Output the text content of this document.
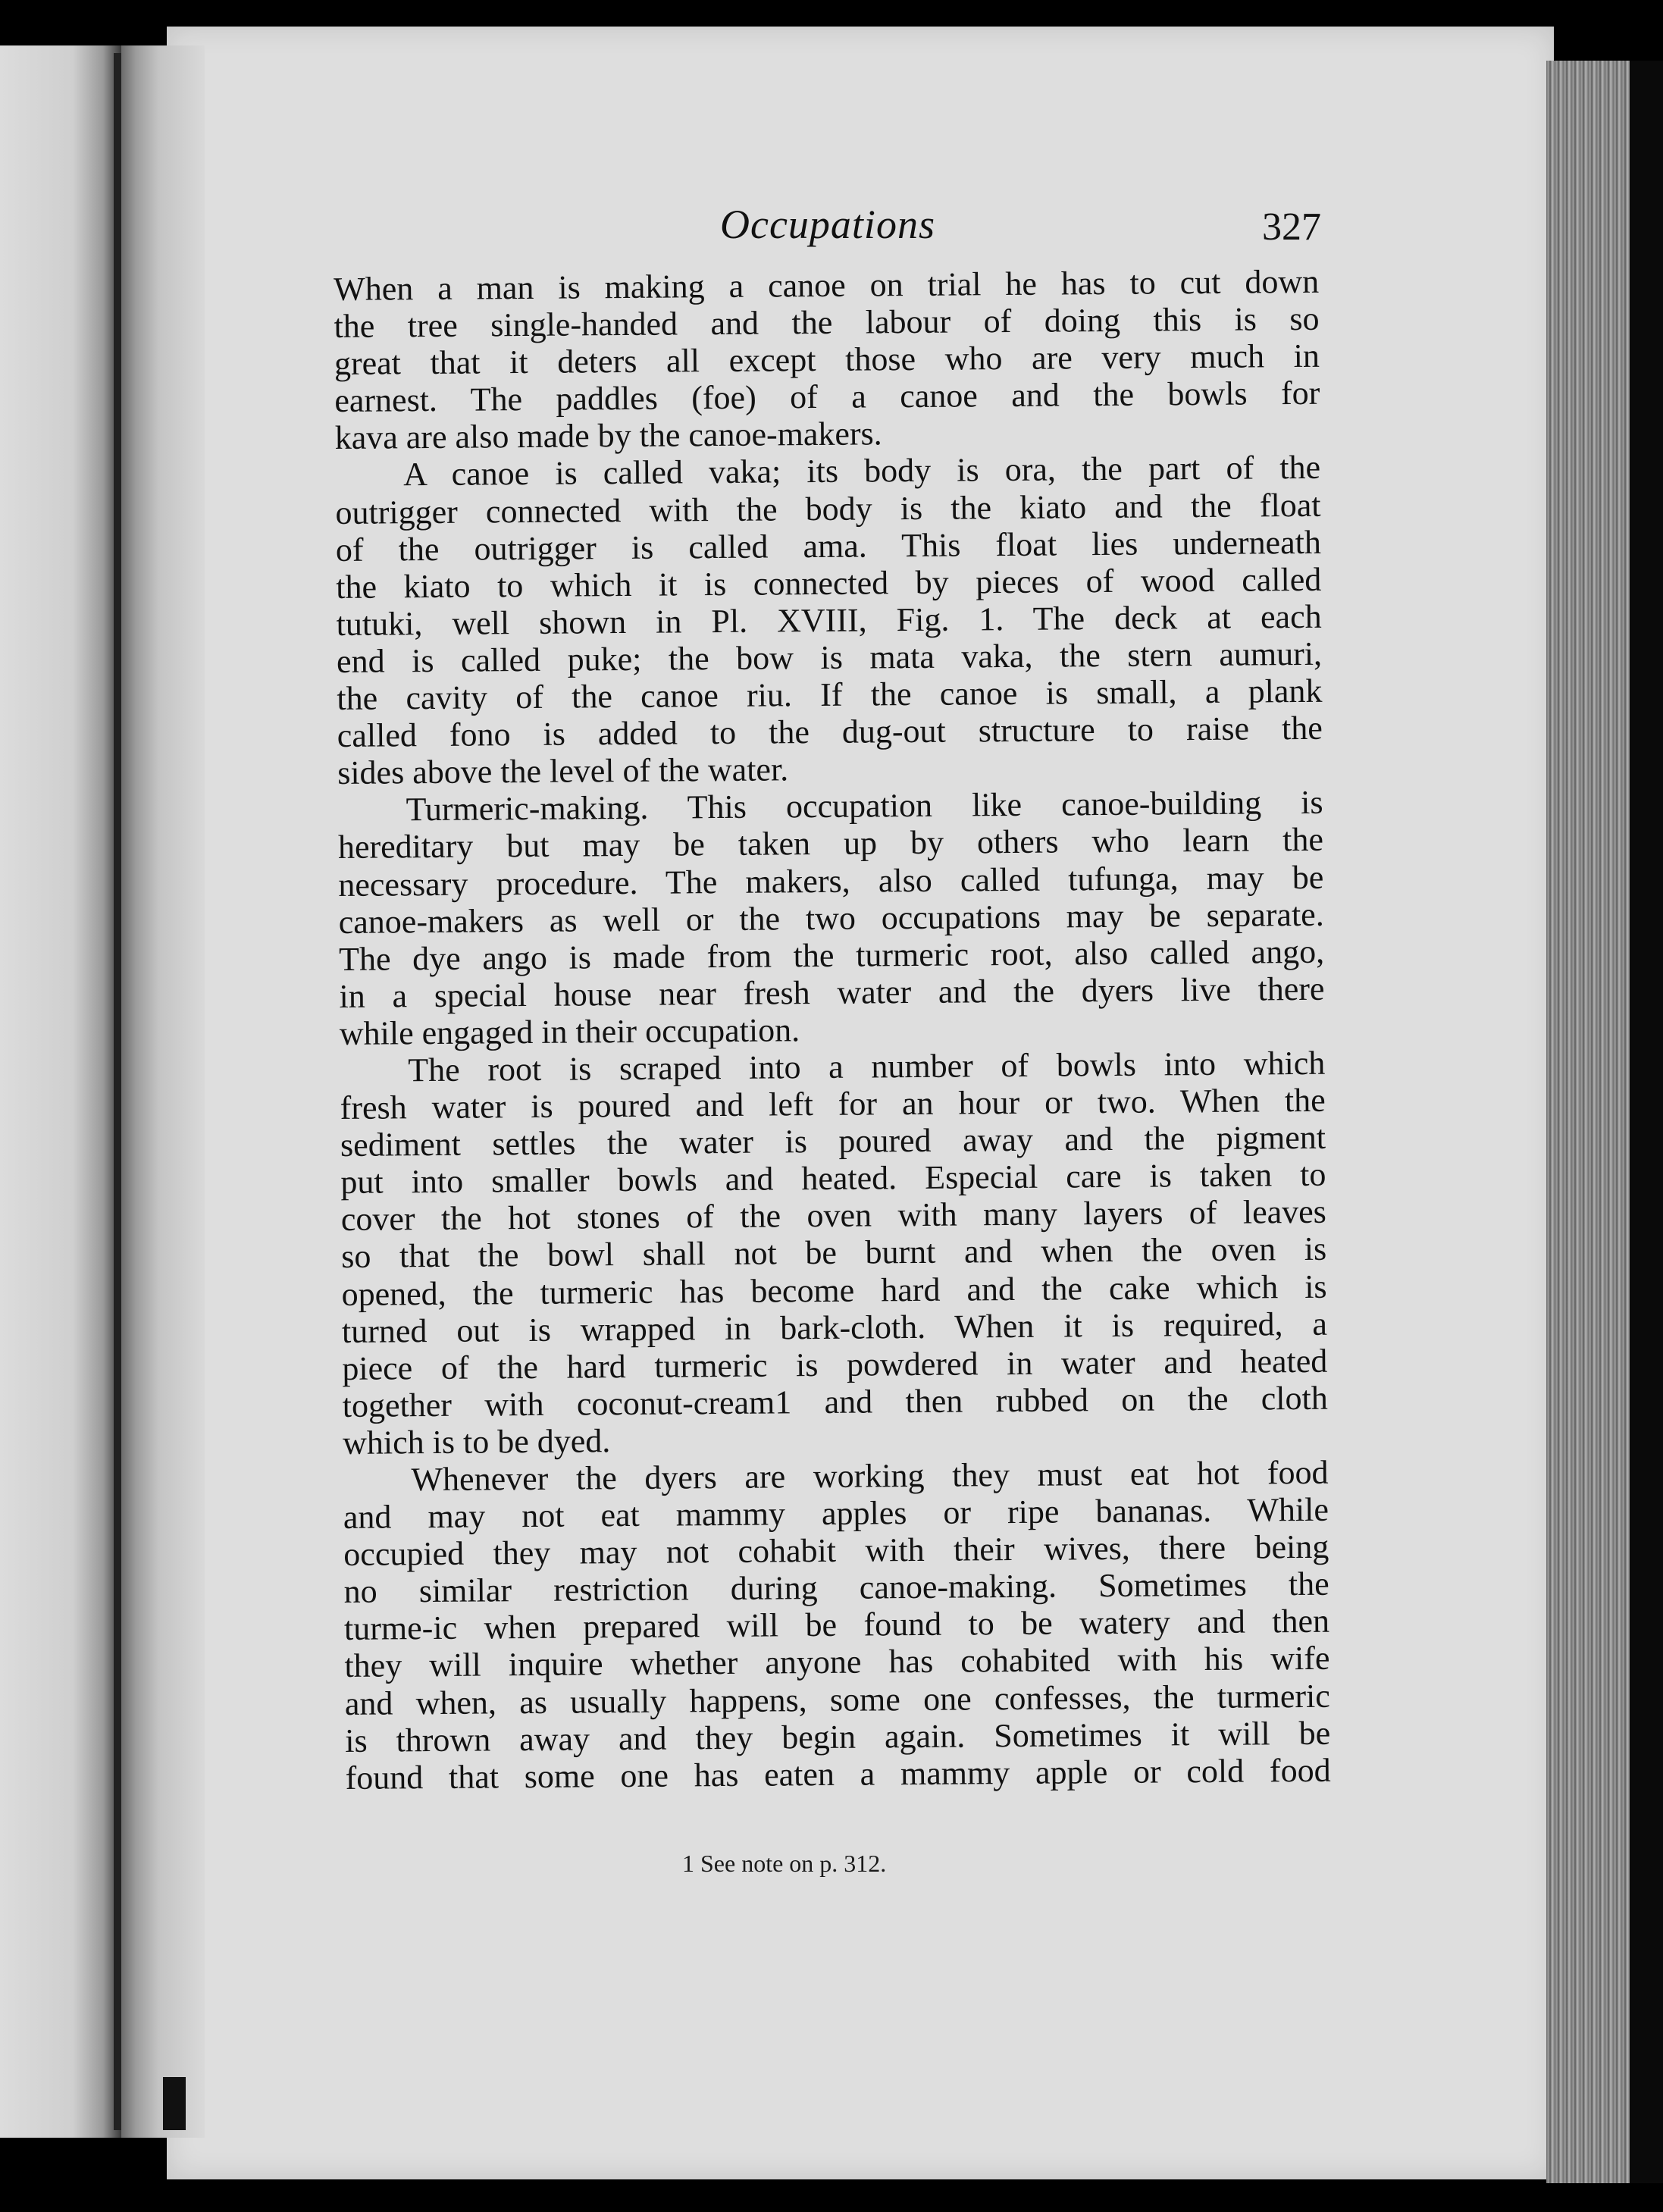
Occupations	327
When a man is making a canoe on trial he has to cut down
the tree single-handed and the labour of doing this is so
great that it deters all except those who are very much in
earnest. The paddles (foe) of a canoe and the bowls for
kava are also made by the canoe-makers.
A canoe is called vaka; its body is ora, the part of the
outrigger connected with the body is the kiato and the float
of the outrigger is called ama. This float lies underneath
the kiato to which it is connected by pieces of wood called
tutuki, well shown in Pl. XVIII, Fig. 1. The deck at each
end is called puke; the bow is mata vaka, the stern aumuri,
the cavity of the canoe riu. If the canoe is small, a plank
called fono is added to the dug-out structure to raise the
sides above the level of the water.
Turmeric-making. This occupation like canoe-building is
hereditary but may be taken up by others who learn the
necessary procedure. The makers, also called tufunga, may be
canoe-makers as well or the two occupations may be separate.
The dye ango is made from the turmeric root, also called ango,
in a special house near fresh water and the dyers live there
while engaged in their occupation.
The root is scraped into a number of bowls into which
fresh water is poured and left for an hour or two. When the
sediment settles the water is poured away and the pigment
put into smaller bowls and heated. Especial care is taken to
cover the hot stones of the oven with many layers of leaves
so that the bowl shall not be burnt and when the oven is
opened, the turmeric has become hard and the cake which is
turned out is wrapped in bark-cloth. When it is required, a
piece of the hard turmeric is powdered in water and heated
together with coconut-cream1 and then rubbed on the cloth
which is to be dyed.
Whenever the dyers are working they must eat hot food
and may not eat mammy apples or ripe bananas. While
occupied they may not cohabit with their wives, there being
no similar restriction during canoe-making. Sometimes the
turme-ic when prepared will be found to be watery and then
they will inquire whether anyone has cohabited with his wife
and when, as usually happens, some one confesses, the turmeric
is thrown away and they begin again. Sometimes it will be
found that some one has eaten a mammy apple or cold food
1 See note on p. 312.
